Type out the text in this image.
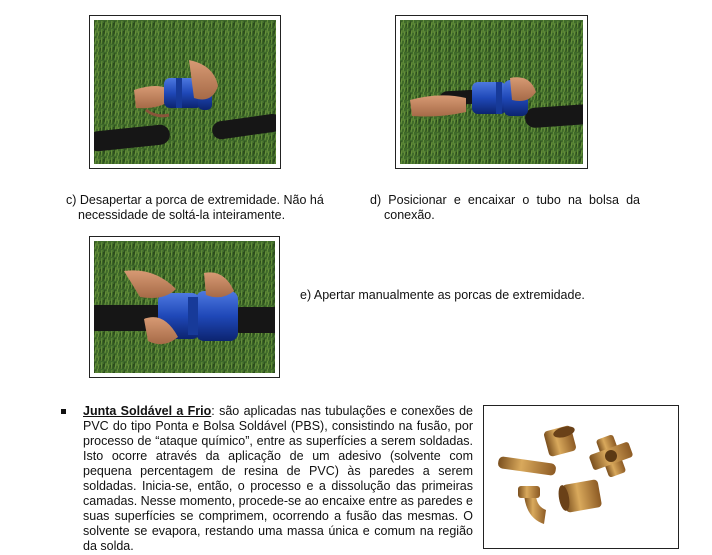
c) Desapertar a porca de extremidade. Não há
necessidade de soltá-la inteiramente.

d) Posicionar e encaixar o tubo na bolsa da
conexão.

e) Apertar manualmente as porcas de extremidade.

Junta Soldável a Frio: são aplicadas nas tubulações e conexões de PVC do tipo Ponta e Bolsa Soldável (PBS), consistindo na fusão, por processo de “ataque químico”, entre as superfícies a serem soldadas. Isto ocorre através da aplicação de um adesivo (solvente com pequena percentagem de resina de PVC) às paredes a serem soldadas. Inicia-se, então, o processo e a dissolução das primeiras camadas. Nesse momento, procede-se ao encaixe entre as paredes e suas superfícies se comprimem, ocorrendo a fusão das mesmas. O solvente se evapora, restando uma massa única e comum na região da solda.
